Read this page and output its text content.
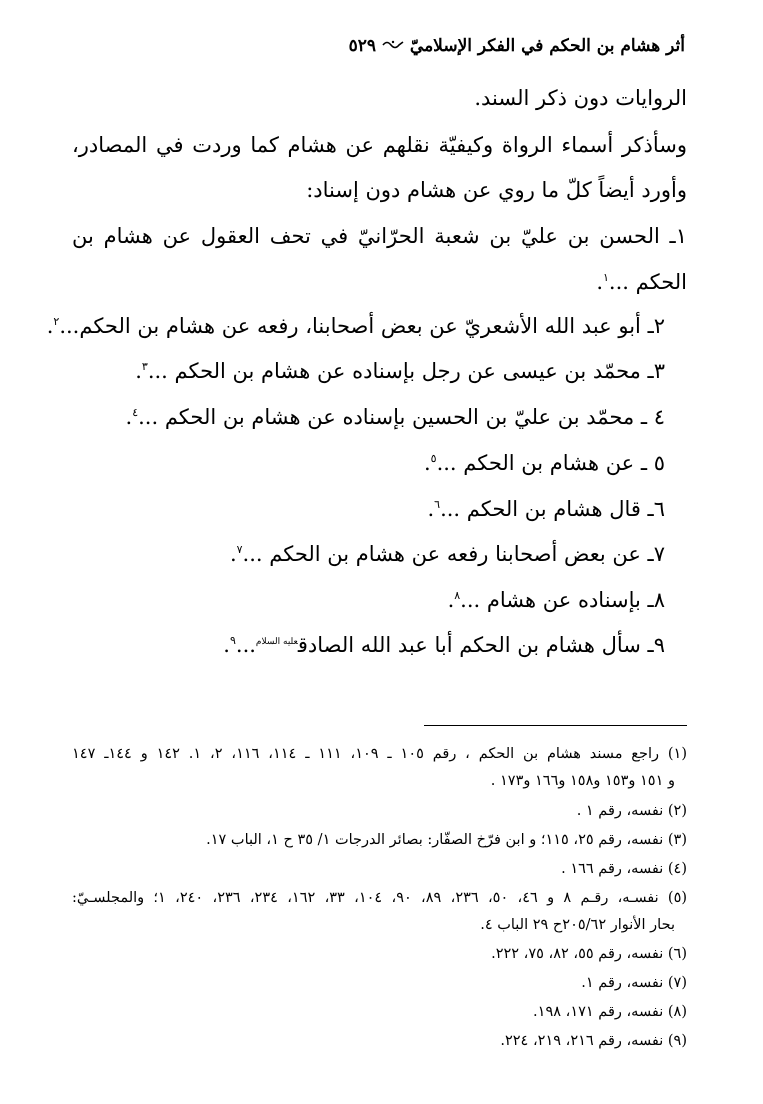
أثر هشام بن الحكم في الفكر الإسلاميّ  ٥٢٩
الروايات دون ذكر السند.
وسأذكر أسماء الرواة وكيفيّة نقلهم عن هشام كما وردت في المصادر،
وأورد أيضاً كلّ ما روي عن هشام دون إسناد:
١ـ الحسن بن عليّ بن شعبة الحرّانيّ في تحف العقول عن هشام بن
الحكم ...$^١$.
٢ـ أبو عبد الله الأشعريّ عن بعض أصحابنا، رفعه عن هشام بن الحكم...$^٢$.
٣ـ محمّد بن عيسى عن رجل بإسناده عن هشام بن الحكم ...$^٣$.
٤ ـ محمّد بن عليّ بن الحسين بإسناده عن هشام بن الحكم ...$^٤$.
٥ ـ عن هشام بن الحكم ...$^٥$.
٦ـ قال هشام بن الحكم ...$^٦$.
٧ـ عن بعض أصحابنا رفعه عن هشام بن الحكم ...$^٧$.
٨ـ بإسناده عن هشام ...$^٨$.
٩ـ سأل هشام بن الحكم أبا عبد الله الصادق$^{عليه السلام}$...$^٩$.
(١) راجع مسند هشام بن الحكم ، رقم ١٠٥ ـ ١٠٩، ١١١ ـ ١١٤، ١١٦، ٢، ١. ١٤٢ و ١٤٤ـ ١٤٧
و ١٥١ و١٥٣ و١٥٨ و١٦٦ و١٧٣ .
(٢) نفسه، رقم ١ .
(٣) نفسه، رقم ٢٥، ١١٥؛ و ابن فرّخ الصفّار: بصائر الدرجات ١/ ٣٥ ح ١، الباب ١٧.
(٤) نفسه، رقم ١٦٦ .
(٥) نفسـه، رقـم ٨ و ٤٦، ٥٠، ٢٣٦، ٨٩، ٩٠، ١٠٤، ٣٣، ١٦٢، ٢٣٤، ٢٣٦، ٢٤٠، ١؛ والمجلسـيّ:
بحار الأنوار ٢٠٥/٦٢ح ٢٩ الباب ٤.
(٦) نفسه، رقم ٥٥، ٨٢، ٧٥، ٢٢٢.
(٧) نفسه، رقم ١.
(٨) نفسه، رقم ١٧١، ١٩٨.
(٩) نفسه، رقم ٢١٦، ٢١٩، ٢٢٤.
